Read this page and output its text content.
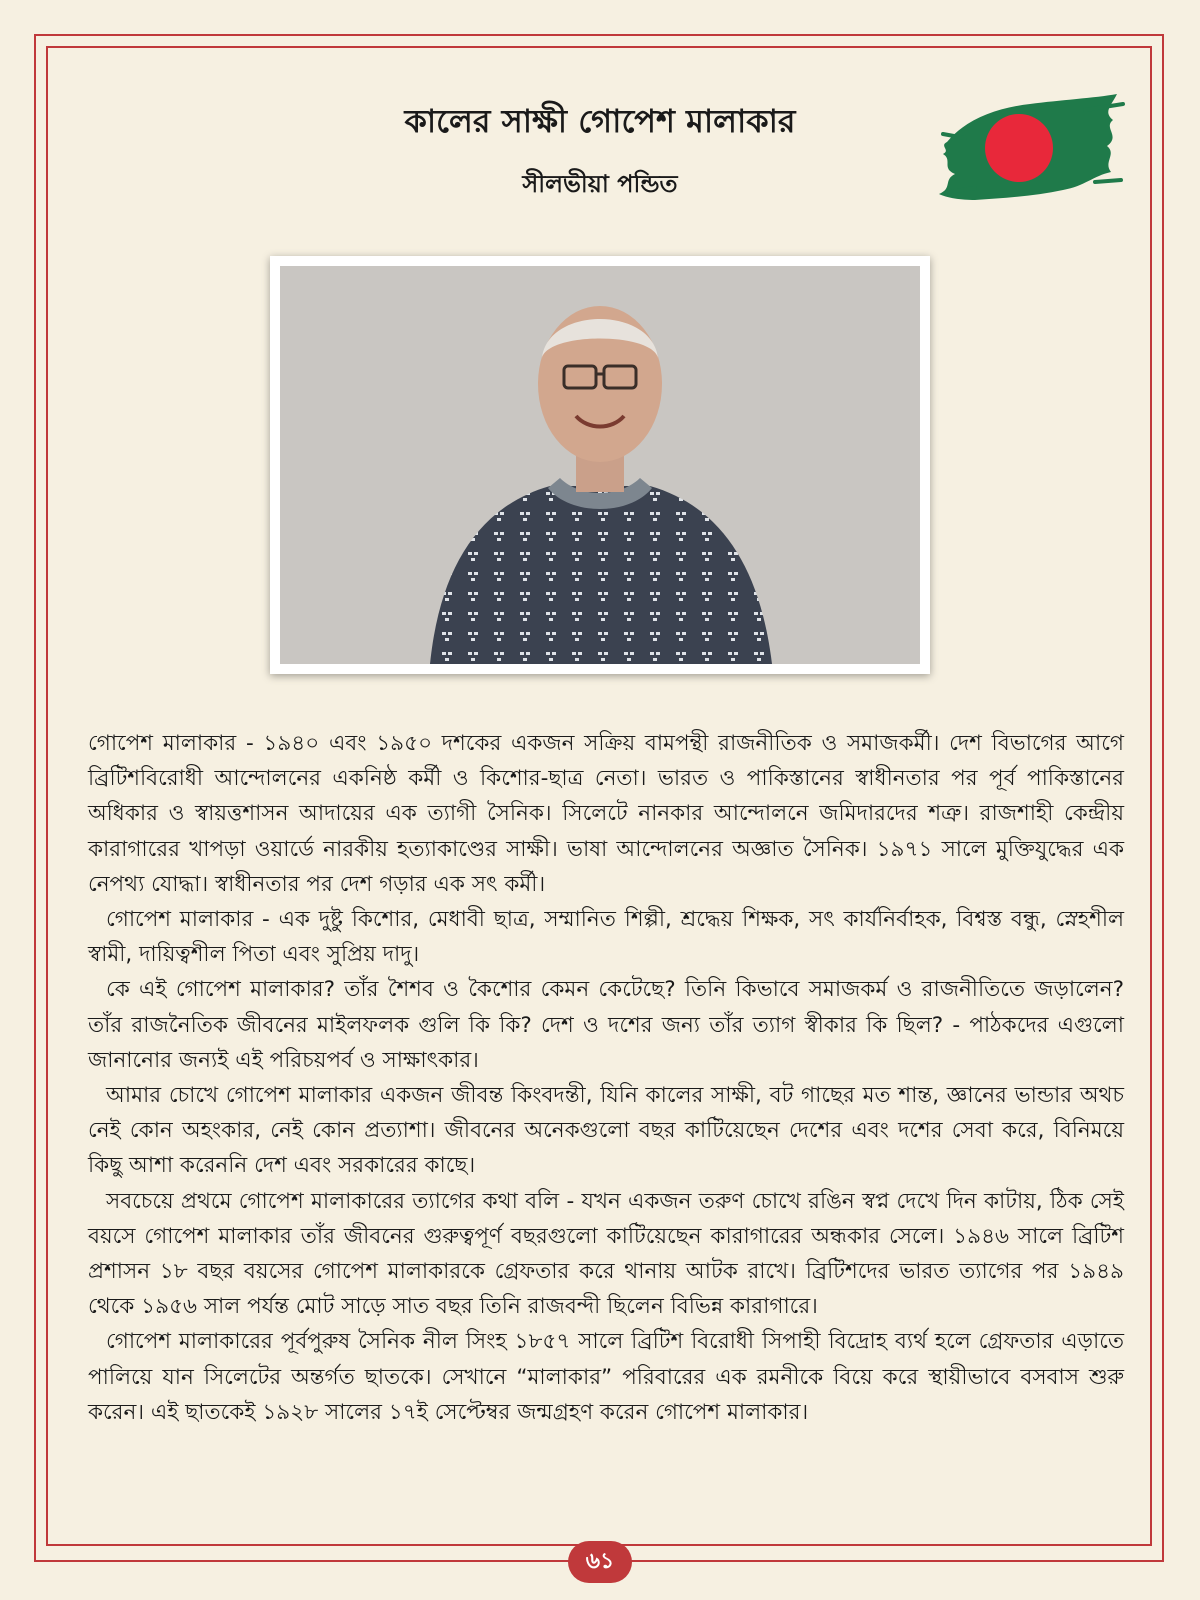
কালের সাক্ষী গোপেশ মালাকার
সীলভীয়া পন্ডিত

গোপেশ মালাকার - ১৯৪০ এবং ১৯৫০ দশকের একজন সক্রিয় বামপন্থী রাজনীতিক ও সমাজকর্মী। দেশ বিভাগের আগে ব্রিটিশবিরোধী আন্দোলনের একনিষ্ঠ কর্মী ও কিশোর-ছাত্র নেতা। ভারত ও পাকিস্তানের স্বাধীনতার পর পূর্ব পাকিস্তানের অধিকার ও স্বায়ত্তশাসন আদায়ের এক ত্যাগী সৈনিক। সিলেটে নানকার আন্দোলনে জমিদারদের শত্রু। রাজশাহী কেন্দ্রীয় কারাগারের খাপড়া ওয়ার্ডে নারকীয় হত্যাকাণ্ডের সাক্ষী। ভাষা আন্দোলনের অজ্ঞাত সৈনিক। ১৯৭১ সালে মুক্তিযুদ্ধের এক নেপথ্য যোদ্ধা। স্বাধীনতার পর দেশ গড়ার এক সৎ কর্মী।

গোপেশ মালাকার - এক দুষ্টু কিশোর, মেধাবী ছাত্র, সম্মানিত শিল্পী, শ্রদ্ধেয় শিক্ষক, সৎ কার্যনির্বাহক, বিশ্বস্ত বন্ধু, স্নেহশীল স্বামী, দায়িত্বশীল পিতা এবং সুপ্রিয় দাদু।

কে এই গোপেশ মালাকার? তাঁর শৈশব ও কৈশোর কেমন কেটেছে? তিনি কিভাবে সমাজকর্ম ও রাজনীতিতে জড়ালেন? তাঁর রাজনৈতিক জীবনের মাইলফলক গুলি কি কি? দেশ ও দশের জন্য তাঁর ত্যাগ স্বীকার কি ছিল? - পাঠকদের এগুলো জানানোর জন্যই এই পরিচয়পর্ব ও সাক্ষাৎকার।

আমার চোখে গোপেশ মালাকার একজন জীবন্ত কিংবদন্তী, যিনি কালের সাক্ষী, বট গাছের মত শান্ত, জ্ঞানের ভান্ডার অথচ নেই কোন অহংকার, নেই কোন প্রত্যাশা। জীবনের অনেকগুলো বছর কাটিয়েছেন দেশের এবং দশের সেবা করে, বিনিময়ে কিছু আশা করেননি দেশ এবং সরকারের কাছে।

সবচেয়ে প্রথমে গোপেশ মালাকারের ত্যাগের কথা বলি - যখন একজন তরুণ চোখে রঙিন স্বপ্ন দেখে দিন কাটায়, ঠিক সেই বয়সে গোপেশ মালাকার তাঁর জীবনের গুরুত্বপূর্ণ বছরগুলো কাটিয়েছেন কারাগারের অন্ধকার সেলে। ১৯৪৬ সালে ব্রিটিশ প্রশাসন ১৮ বছর বয়সের গোপেশ মালাকারকে গ্রেফতার করে থানায় আটক রাখে। ব্রিটিশদের ভারত ত্যাগের পর ১৯৪৯ থেকে ১৯৫৬ সাল পর্যন্ত মোট সাড়ে সাত বছর তিনি রাজবন্দী ছিলেন বিভিন্ন কারাগারে।

গোপেশ মালাকারের পূর্বপুরুষ সৈনিক নীল সিংহ ১৮৫৭ সালে ব্রিটিশ বিরোধী সিপাহী বিদ্রোহ ব্যর্থ হলে গ্রেফতার এড়াতে পালিয়ে যান সিলেটের অন্তর্গত ছাতকে। সেখানে “মালাকার” পরিবারের এক রমনীকে বিয়ে করে স্থায়ীভাবে বসবাস শুরু করেন। এই ছাতকেই ১৯২৮ সালের ১৭ই সেপ্টেম্বর জন্মগ্রহণ করেন গোপেশ মালাকার।

৬১
